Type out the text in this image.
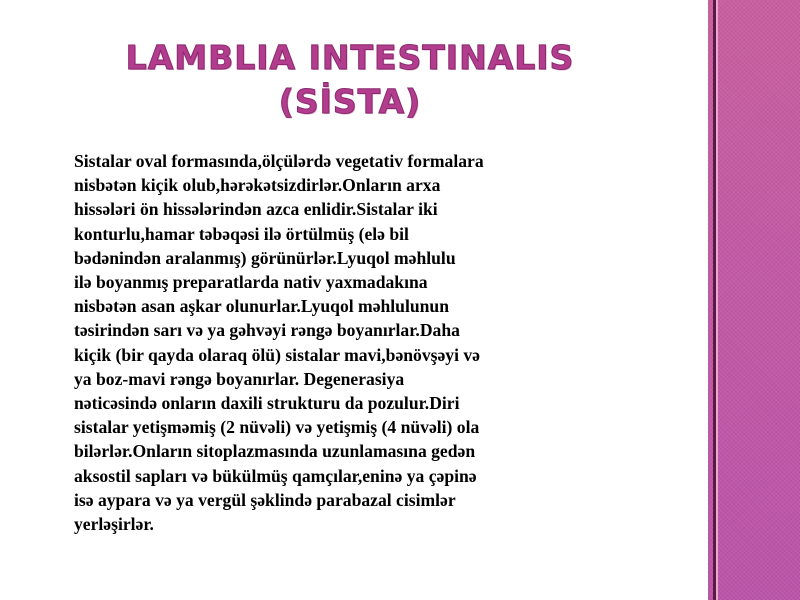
LAMBLIA INTESTINALIS
(SİSTA)
Sistalar oval formasında,ölçülərdə vegetativ formalara
nisbətən kiçik olub,hərəkətsizdirlər.Onların arxa
hissələri ön hissələrindən azca enlidir.Sistalar iki
konturlu,hamar təbəqəsi ilə örtülmüş (elə bil
bədənindən aralanmış) görünürlər.Lyuqol məhlulu
ilə boyanmış preparatlarda nativ yaxmadakına
nisbətən asan aşkar olunurlar.Lyuqol məhlulunun
təsirindən sarı və ya gəhvəyi rəngə boyanırlar.Daha
kiçik (bir qayda olaraq ölü) sistalar mavi,bənövşəyi və
ya boz-mavi rəngə boyanırlar. Degenerasiya
nəticəsində onların daxili strukturu da pozulur.Diri
sistalar yetişməmiş (2 nüvəli) və yetişmiş (4 nüvəli) ola
bilərlər.Onların sitoplazmasında uzunlamasına gedən
aksostil sapları və bükülmüş qamçılar,eninə ya çəpinə
isə aypara və ya vergül şəklində parabazal cisimlər
yerləşirlər.
